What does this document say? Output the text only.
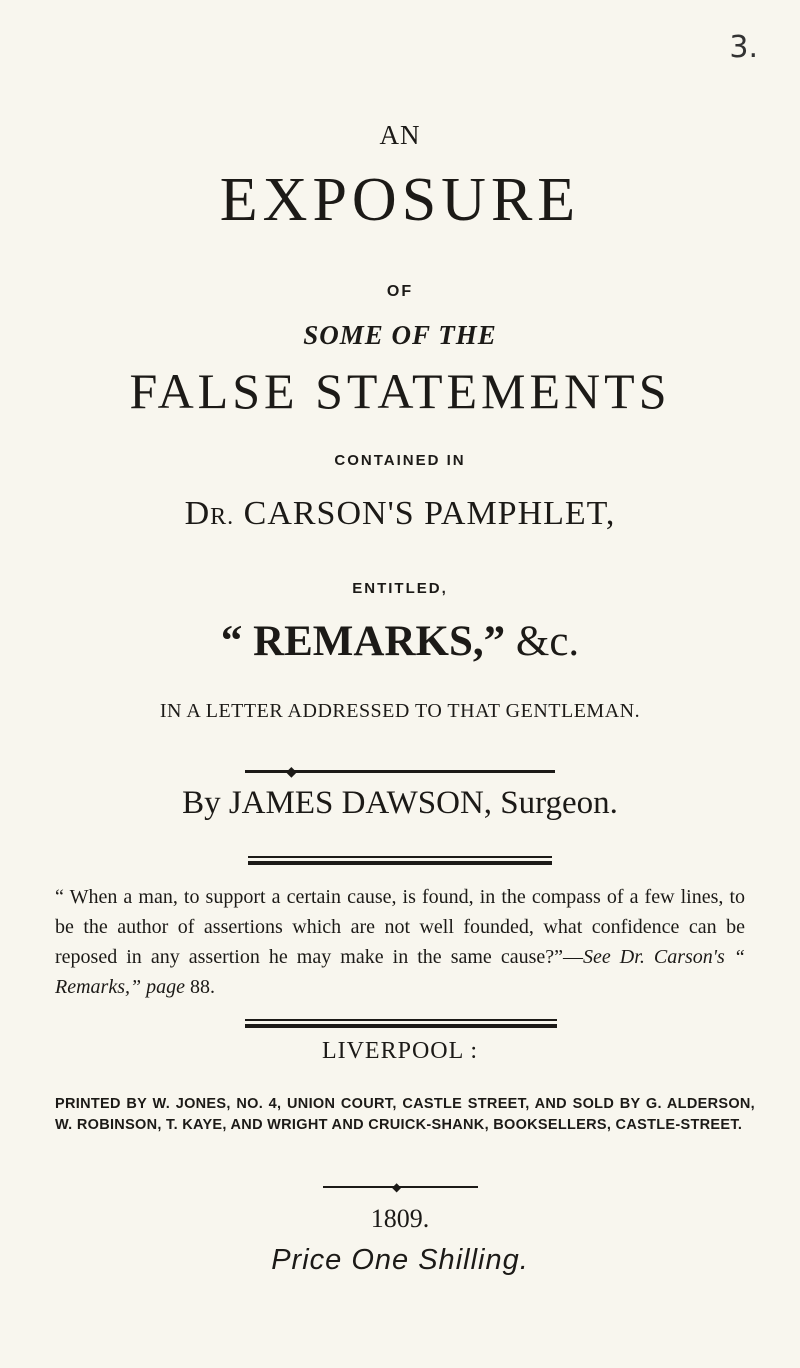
3.
AN
EXPOSURE
OF
SOME OF THE
FALSE STATEMENTS
CONTAINED IN
DR. CARSON'S PAMPHLET,
ENTITLED,
“ REMARKS,” &c.
IN A LETTER ADDRESSED TO THAT GENTLEMAN.
◆
By JAMES DAWSON, Surgeon.
“ When a man, to support a certain cause, is found, in the compass of a few lines, to be the author of assertions which are not well founded, what confidence can be reposed in any assertion he may make in the same cause?”—See Dr. Carson's “ Remarks,” page 88.
LIVERPOOL :
PRINTED BY W. JONES, NO. 4, UNION COURT, CASTLE STREET, AND SOLD BY G. ALDERSON, W. ROBINSON, T. KAYE, AND WRIGHT AND CRUICK-SHANK, BOOKSELLERS, CASTLE-STREET.
◆
1809.
Price One Shilling.
